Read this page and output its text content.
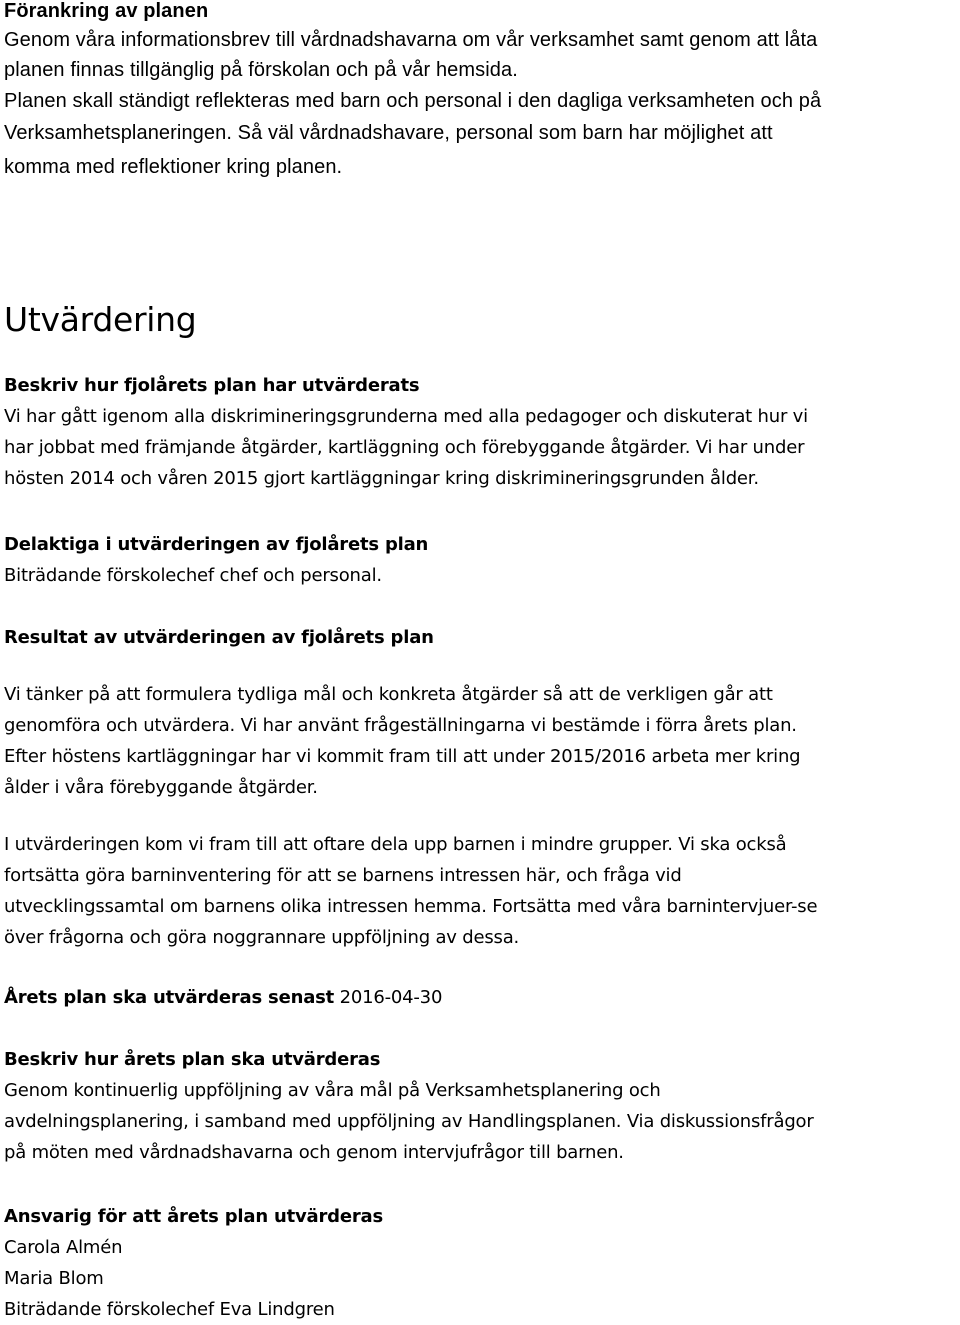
Förankring av planen
Genom våra informationsbrev till vårdnadshavarna om vår verksamhet samt genom att låta
planen finnas tillgänglig på förskolan och på vår hemsida.
Planen skall ständigt reflekteras med barn och personal i den dagliga verksamheten och på
Verksamhetsplaneringen. Så väl vårdnadshavare, personal som barn har möjlighet att
komma med reflektioner kring planen.
Utvärdering
Beskriv hur fjolårets plan har utvärderats
Vi har gått igenom alla diskrimineringsgrunderna med alla pedagoger och diskuterat hur vi
har jobbat med främjande åtgärder, kartläggning och förebyggande åtgärder. Vi har under
hösten 2014 och våren 2015 gjort kartläggningar kring diskrimineringsgrunden ålder.
Delaktiga i utvärderingen av fjolårets plan
Biträdande förskolechef chef och personal.
Resultat av utvärderingen av fjolårets plan
Vi tänker på att formulera tydliga mål och konkreta åtgärder så att de verkligen går att
genomföra och utvärdera. Vi har använt frågeställningarna vi bestämde i förra årets plan.
Efter höstens kartläggningar har vi kommit fram till att under 2015/2016 arbeta mer kring
ålder i våra förebyggande åtgärder.
I utvärderingen kom vi fram till att oftare dela upp barnen i mindre grupper. Vi ska också
fortsätta göra barninventering för att se barnens intressen här, och fråga vid
utvecklingssamtal om barnens olika intressen hemma. Fortsätta med våra barnintervjuer-se
över frågorna och göra noggrannare uppföljning av dessa.
Årets plan ska utvärderas senast 2016-04-30
Beskriv hur årets plan ska utvärderas
Genom kontinuerlig uppföljning av våra mål på Verksamhetsplanering och
avdelningsplanering, i samband med uppföljning av Handlingsplanen. Via diskussionsfrågor
på möten med vårdnadshavarna och genom intervjufrågor till barnen.
Ansvarig för att årets plan utvärderas
Carola Almén
Maria Blom
Biträdande förskolechef Eva Lindgren
